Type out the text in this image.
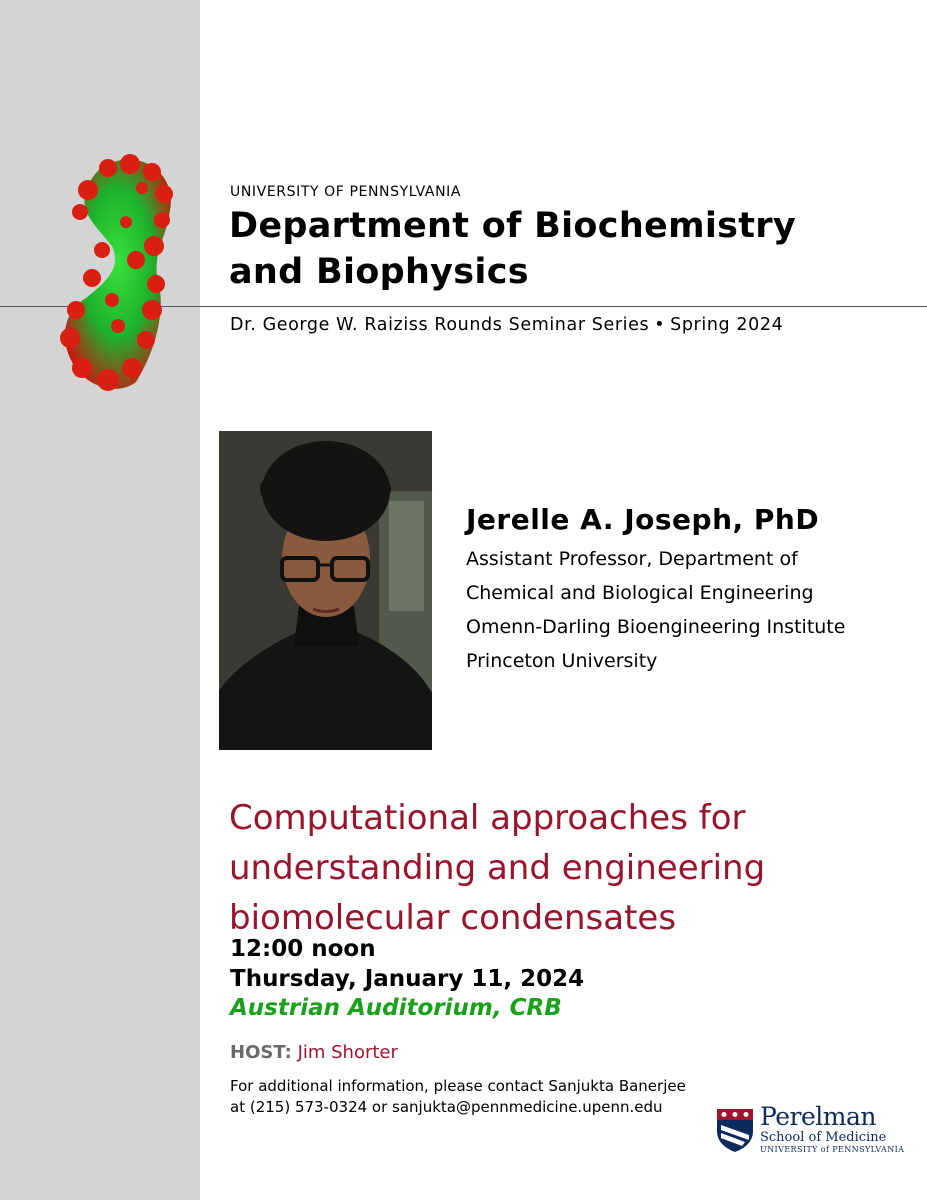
UNIVERSITY OF PENNSYLVANIA
Department of Biochemistry
and Biophysics
Dr. George W. Raiziss Rounds Seminar Series • Spring 2024
Jerelle A. Joseph, PhD
Assistant Professor, Department of
Chemical and Biological Engineering
Omenn-Darling Bioengineering Institute
Princeton University
Computational approaches for
understanding and engineering
biomolecular condensates
12:00 noon
Thursday, January 11, 2024
Austrian Auditorium, CRB
HOST: Jim Shorter
For additional information, please contact Sanjukta Banerjee
at (215) 573-0324 or sanjukta@pennmedicine.upenn.edu	Perelman
School of Medicine
UNIVERSITY of PENNSYLVANIA
